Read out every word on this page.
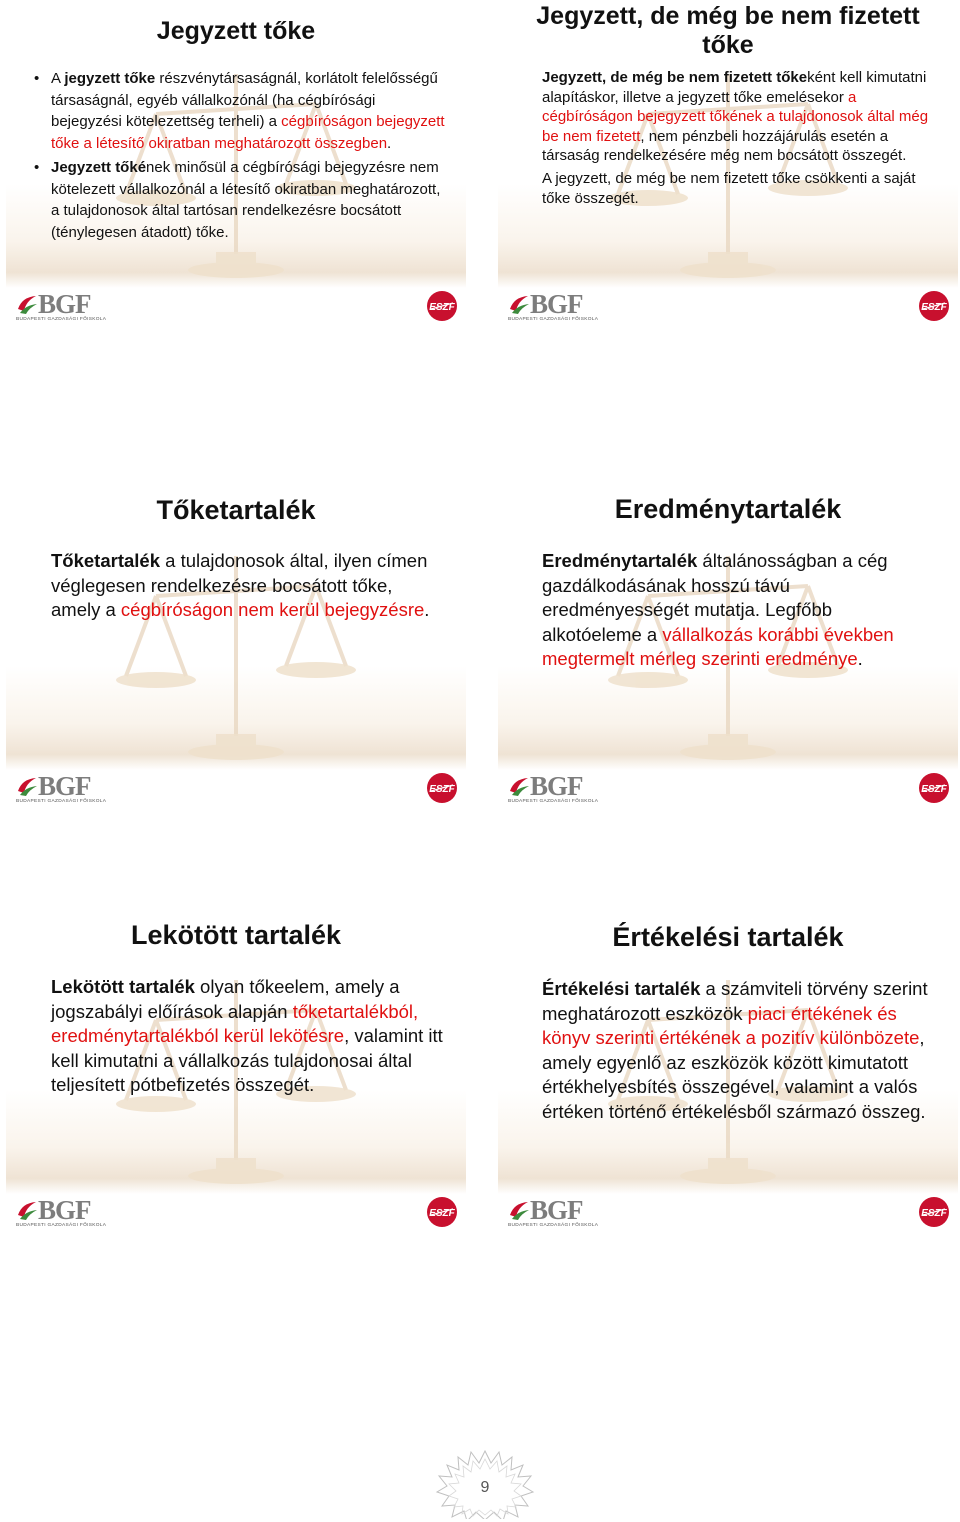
Jegyzett tőke
• A jegyzett tőke részvénytársaságnál, korlátolt felelősségű társaságnál, egyéb vállalkozónál (ha cégbírósági bejegyzési kötelezettség terheli) a cégbíróságon bejegyzett tőke a létesítő okiratban meghatározott összegben.
• Jegyzett tőkének minősül a cégbírósági bejegyzésre nem kötelezett vállalkozónál a létesítő okiratban meghatározott, a tulajdonosok által tartósan rendelkezésre bocsátott (ténylegesen átadott) tőke.
BGF
BUDAPESTI GAZDASÁGI FŐISKOLA
ESZF
Jegyzett, de még be nem fizetett tőke

Jegyzett, de még be nem fizetett tőkeként kell kimutatni alapításkor, illetve a jegyzett tőke emelésekor a cégbíróságon bejegyzett tőkének a tulajdonosok által még be nem fizetett, nem pénzbeli hozzájárulás esetén a társaság rendelkezésére még nem bocsátott összegét.

A jegyzett, de még be nem fizetett tőke csökkenti a saját tőke összegét.

BGF
BUDAPESTI GAZDASÁGI FŐISKOLA
ESZF
Tőketartalék

Tőketartalék a tulajdonosok által, ilyen címen véglegesen rendelkezésre bocsátott tőke, amely a cégbíróságon nem kerül bejegyzésre.

BGF
BUDAPESTI GAZDASÁGI FŐISKOLA
ESZF
Eredménytartalék

Eredménytartalék általánosságban a cég gazdálkodásának hosszú távú eredményességét mutatja. Legfőbb alkotóeleme a vállalkozás korábbi években megtermelt mérleg szerinti eredménye.

BGF
BUDAPESTI GAZDASÁGI FŐISKOLA
ESZF
Lekötött tartalék

Lekötött tartalék olyan tőkeelem, amely a jogszabályi előírások alapján tőketartalékból, eredménytartalékból kerül lekötésre, valamint itt kell kimutatni a vállalkozás tulajdonosai által teljesített pótbefizetés összegét.

BGF
BUDAPESTI GAZDASÁGI FŐISKOLA
ESZF
Értékelési tartalék

Értékelési tartalék a számviteli törvény szerint meghatározott eszközök piaci értékének és könyv szerinti értékének a pozitív különbözete, amely egyenlő az eszközök között kimutatott értékhelyesbítés összegével, valamint a valós értéken történő értékelésből származó összeg.

BGF
BUDAPESTI GAZDASÁGI FŐISKOLA
ESZF
9
